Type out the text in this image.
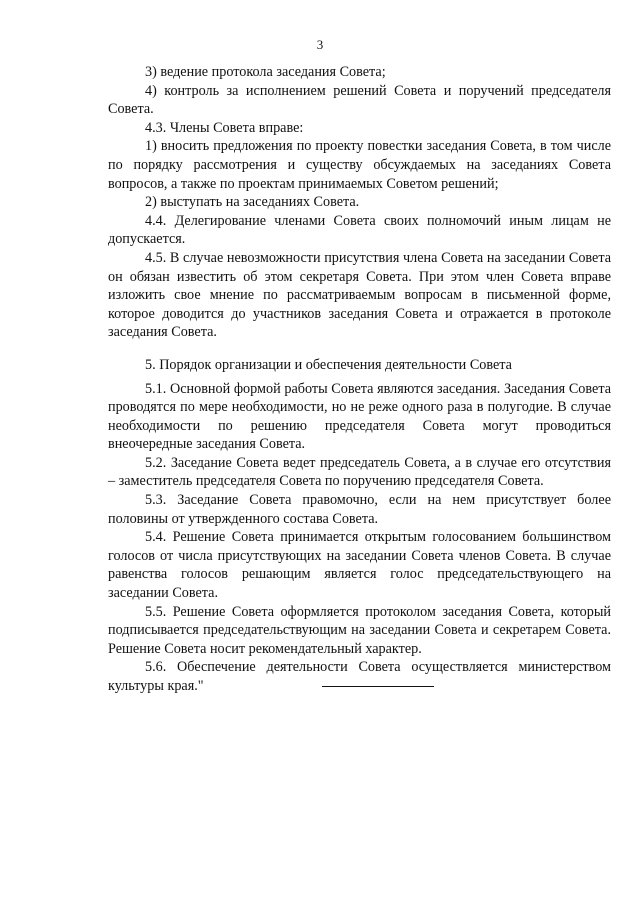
3

3) ведение протокола заседания Совета;

4) контроль за исполнением решений Совета и поручений председателя Совета.

4.3. Члены Совета вправе:

1) вносить предложения по проекту повестки заседания Совета, в том числе по порядку рассмотрения и существу обсуждаемых на заседаниях Совета вопросов, а также по проектам принимаемых Советом решений;

2) выступать на заседаниях Совета.

4.4. Делегирование членами Совета своих полномочий иным лицам не допускается.

4.5. В случае невозможности присутствия члена Совета на заседании Совета он обязан известить об этом секретаря Совета. При этом член Совета вправе изложить свое мнение по рассматриваемым вопросам в письменной форме, которое доводится до участников заседания Совета и отражается в протоколе заседания Совета.

5. Порядок организации и обеспечения деятельности Совета

5.1. Основной формой работы Совета являются заседания. Заседания Совета проводятся по мере необходимости, но не реже одного раза в полугодие. В случае необходимости по решению председателя Совета могут проводиться внеочередные заседания Совета.

5.2. Заседание Совета ведет председатель Совета, а в случае его отсутствия – заместитель председателя Совета по поручению председателя Совета.

5.3. Заседание Совета правомочно, если на нем присутствует более половины от утвержденного состава Совета.

5.4. Решение Совета принимается открытым голосованием большинством голосов от числа присутствующих на заседании Совета членов Совета. В случае равенства голосов решающим является голос председательствующего на заседании Совета.

5.5. Решение Совета оформляется протоколом заседания Совета, который подписывается председательствующим на заседании Совета и секретарем Совета. Решение Совета носит рекомендательный характер.

5.6. Обеспечение деятельности Совета осуществляется министерством культуры края."
